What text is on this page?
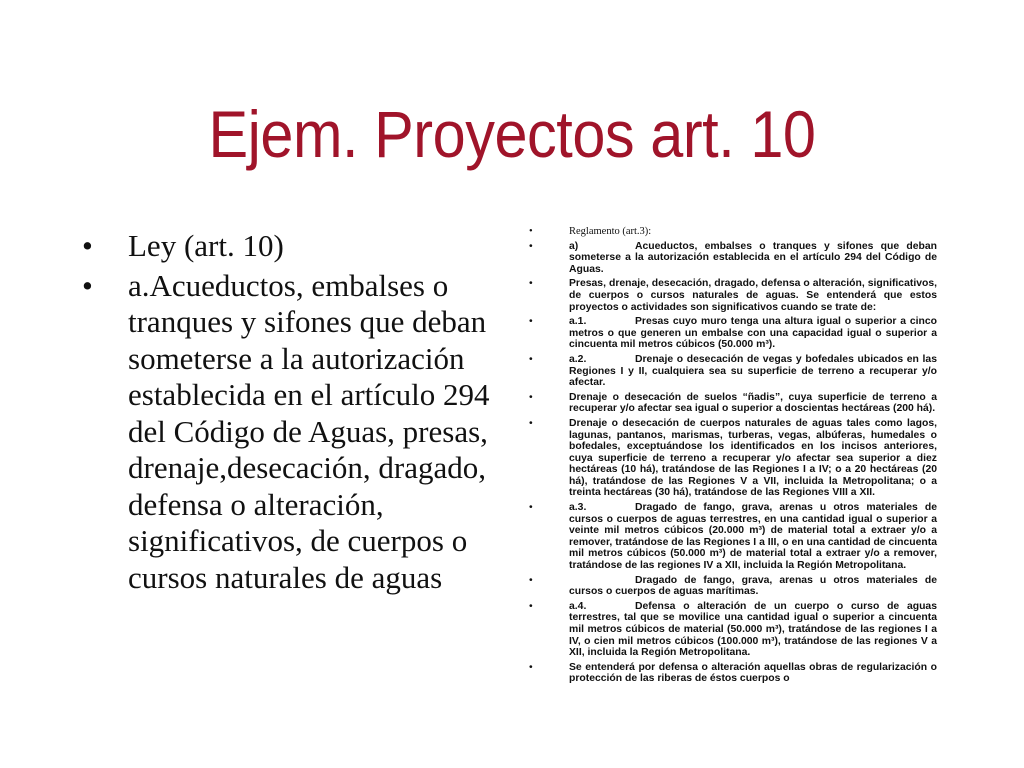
Ejem. Proyectos art. 10
• Ley (art. 10)
• a.Acueductos, embalses o tranques y sifones que deban someterse a la autorización establecida en el artículo 294 del Código de Aguas, presas, drenaje,desecación, dragado, defensa o alteración, significativos, de cuerpos o cursos naturales de aguas
•	Reglamento (art.3):
•	a)	Acueductos, embalses o tranques y sifones que deban someterse a la autorización establecida en el artículo 294 del Código de Aguas.
•	Presas, drenaje, desecación, dragado, defensa o alteración, significativos, de cuerpos o cursos naturales de aguas. Se entenderá que estos proyectos o actividades son significativos cuando se trate de:
•	a.1.	Presas cuyo muro tenga una altura igual o superior a cinco metros o que generen un embalse con una capacidad igual o superior a cincuenta mil metros cúbicos (50.000 m³).
•	a.2.	Drenaje o desecación de vegas y bofedales ubicados en las Regiones I y II, cualquiera sea su superficie de terreno a recuperar y/o afectar.
•	Drenaje o desecación de suelos “ñadis”, cuya superficie de terreno a recuperar y/o afectar sea igual o superior a doscientas hectáreas (200 há).
•	Drenaje o desecación de cuerpos naturales de aguas tales como lagos, lagunas, pantanos, marismas, turberas, vegas, albúferas, humedales o bofedales, exceptuándose los identificados en los incisos anteriores, cuya superficie de terreno a recuperar y/o afectar sea superior a diez hectáreas (10 há), tratándose de las Regiones I a IV; o a 20 hectáreas (20 há), tratándose de las Regiones V a VII, incluida la Metropolitana; o a treinta hectáreas (30 há), tratándose de las Regiones VIII a XII.
•	a.3.	Dragado de fango, grava, arenas u otros materiales de cursos o cuerpos de aguas terrestres, en una cantidad igual o superior a veinte mil metros cúbicos (20.000 m³) de material total a extraer y/o a remover, tratándose de las Regiones I a III, o en una cantidad de cincuenta mil metros cúbicos (50.000 m³) de material total a extraer y/o a remover, tratándose de las regiones IV a XII, incluida la Región Metropolitana.
•	Dragado de fango, grava, arenas u otros materiales de cursos o cuerpos de aguas marítimas.
•	a.4.	Defensa o alteración de un cuerpo o curso de aguas terrestres, tal que se movilice una cantidad igual o superior a cincuenta mil metros cúbicos de material (50.000 m³), tratándose de las regiones I a IV, o cien mil metros cúbicos (100.000 m³), tratándose de las regiones V a XII, incluida la Región Metropolitana.
•	Se entenderá por defensa o alteración aquellas obras de regularización o protección de las riberas de éstos cuerpos o
